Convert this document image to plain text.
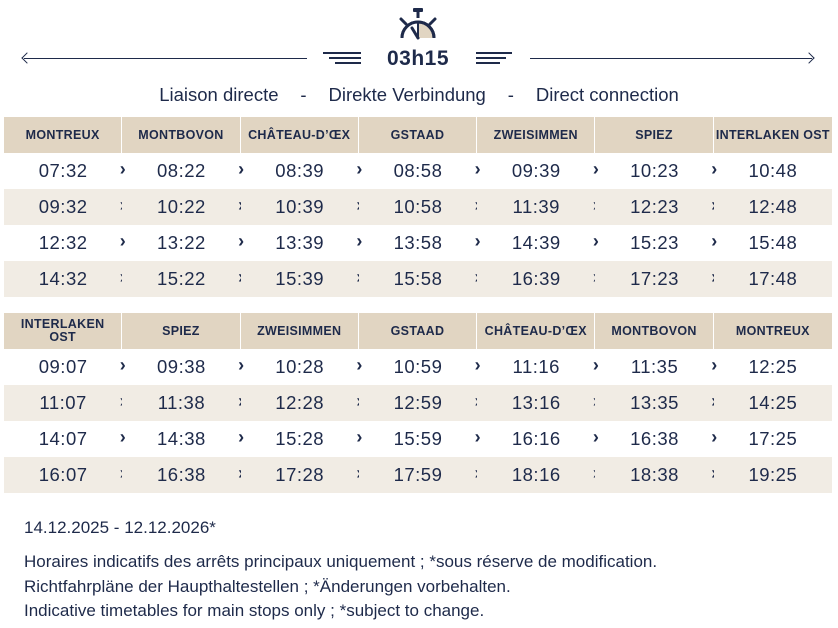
03h15
Liaison directe - Direkte Verbindung - Direct connection
MONTREUX	MONTBOVON	CHÂTEAU-D’ŒX	GSTAAD	ZWEISIMMEN	SPIEZ	INTERLAKEN OST
07:32 ›	08:22 ›	08:39 ›	08:58 ›	09:39 ›	10:23 ›	10:48
09:32 ›	10:22 ›	10:39 ›	10:58 ›	11:39 ›	12:23 ›	12:48
12:32 ›	13:22 ›	13:39 ›	13:58 ›	14:39 ›	15:23 ›	15:48
14:32 ›	15:22 ›	15:39 ›	15:58 ›	16:39 ›	17:23 ›	17:48
INTERLAKEN OST	SPIEZ	ZWEISIMMEN	GSTAAD	CHÂTEAU-D’ŒX	MONTBOVON	MONTREUX
09:07 ›	09:38 ›	10:28 ›	10:59 ›	11:16 ›	11:35 ›	12:25
11:07 ›	11:38 ›	12:28 ›	12:59 ›	13:16 ›	13:35 ›	14:25
14:07 ›	14:38 ›	15:28 ›	15:59 ›	16:16 ›	16:38 ›	17:25
16:07 ›	16:38 ›	17:28 ›	17:59 ›	18:16 ›	18:38 ›	19:25

14.12.2025 - 12.12.2026*

Horaires indicatifs des arrêts principaux uniquement ; *sous réserve de modification.

Richtfahrpläne der Haupthaltestellen ; *Änderungen vorbehalten.

Indicative timetables for main stops only ; *subject to change.
